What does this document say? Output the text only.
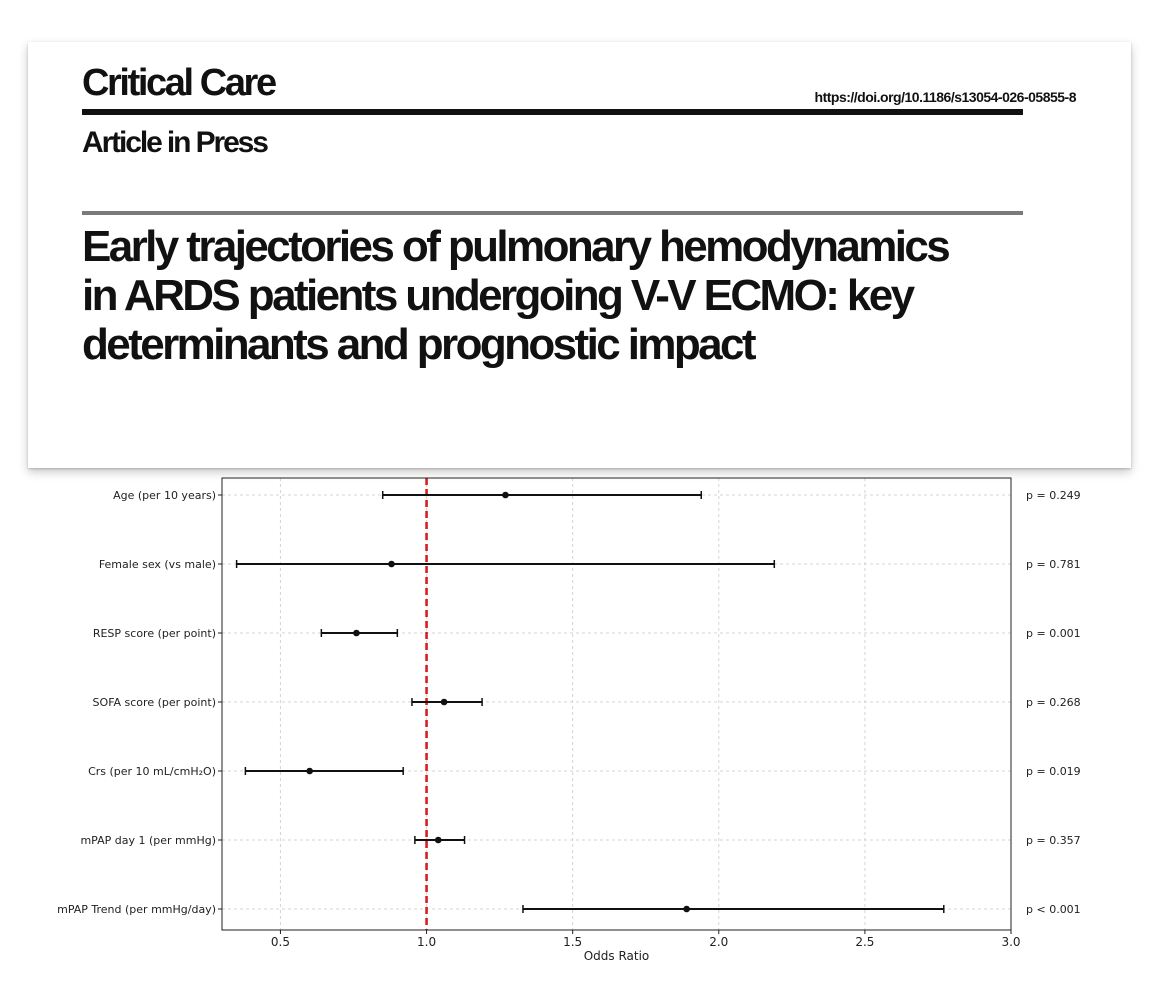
Critical Care	https://doi.org/10.1186/s13054-026-05855-8
Article in Press
Early trajectories of pulmonary hemodynamics in ARDS patients undergoing V-V ECMO: key determinants and prognostic impact
Age (per 10 years)
Female sex (vs male)
RESP score (per point)
SOFA score (per point)
Crs (per 10 mL/cmH₂O)
mPAP day 1 (per mmHg)
mPAP Trend (per mmHg/day)
p = 0.249
p = 0.781
p = 0.001
p = 0.268
p = 0.019
p = 0.357
p < 0.001
0.5	1.0	1.5	2.0	2.5	3.0
Odds Ratio
